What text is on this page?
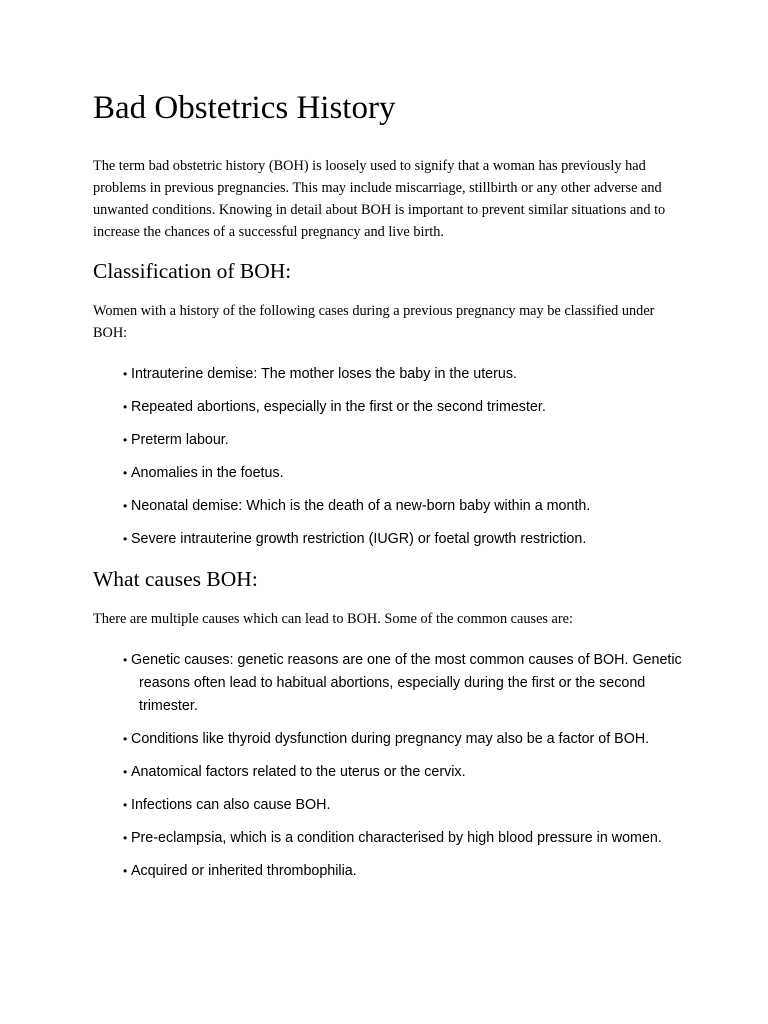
Bad Obstetrics History

The term bad obstetric history (BOH) is loosely used to signify that a woman has previously had problems in previous pregnancies. This may include miscarriage, stillbirth or any other adverse and unwanted conditions. Knowing in detail about BOH is important to prevent similar situations and to increase the chances of a successful pregnancy and live birth.

Classification of BOH:

Women with a history of the following cases during a previous pregnancy may be classified under BOH:

• Intrauterine demise: The mother loses the baby in the uterus.
• Repeated abortions, especially in the first or the second trimester.
• Preterm labour.
• Anomalies in the foetus.
• Neonatal demise: Which is the death of a new-born baby within a month.
• Severe intrauterine growth restriction (IUGR) or foetal growth restriction.
What causes BOH:

There are multiple causes which can lead to BOH. Some of the common causes are:

• Genetic causes: genetic reasons are one of the most common causes of BOH. Genetic reasons often lead to habitual abortions, especially during the first or the second trimester.
• Conditions like thyroid dysfunction during pregnancy may also be a factor of BOH.
• Anatomical factors related to the uterus or the cervix.
• Infections can also cause BOH.
• Pre-eclampsia, which is a condition characterised by high blood pressure in women.
• Acquired or inherited thrombophilia.
